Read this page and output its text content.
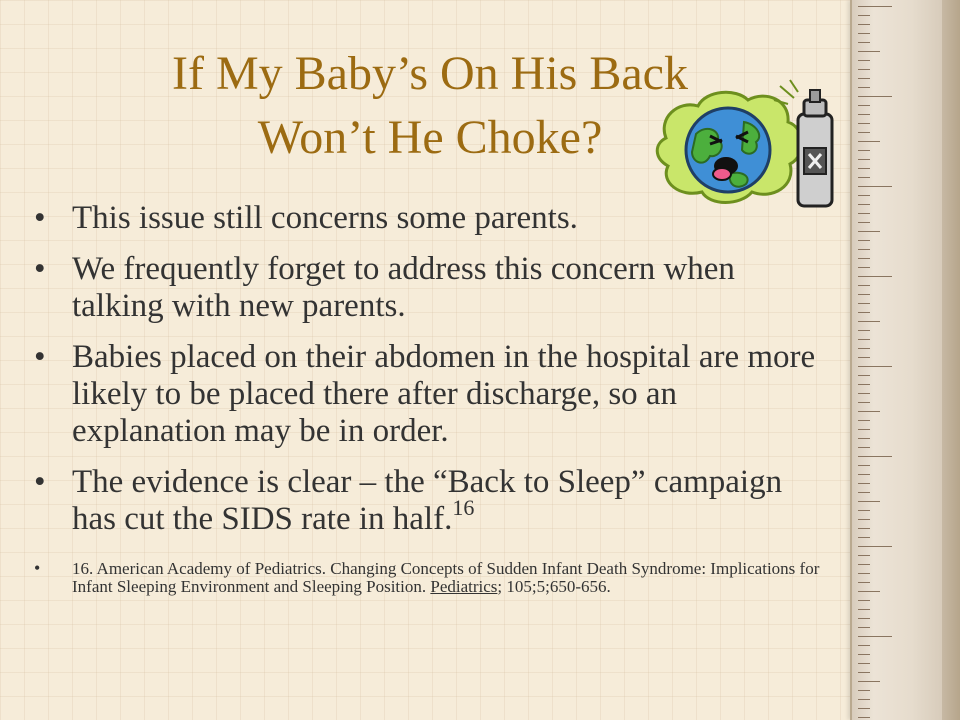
If My Baby’s On His Back
Won’t He Choke?
• This issue still concerns some parents.
• We frequently forget to address this concern when talking with new parents.
• Babies placed on their abdomen in the hospital are more likely to be placed there after discharge, so an explanation may be in order.
• The evidence is clear – the “Back to Sleep” campaign has cut the SIDS rate in half.$^{16}$
• 16. American Academy of Pediatrics. Changing Concepts of Sudden Infant Death Syndrome: Implications for Infant Sleeping Environment and Sleeping Position. Pediatrics; 105;5;650-656.
